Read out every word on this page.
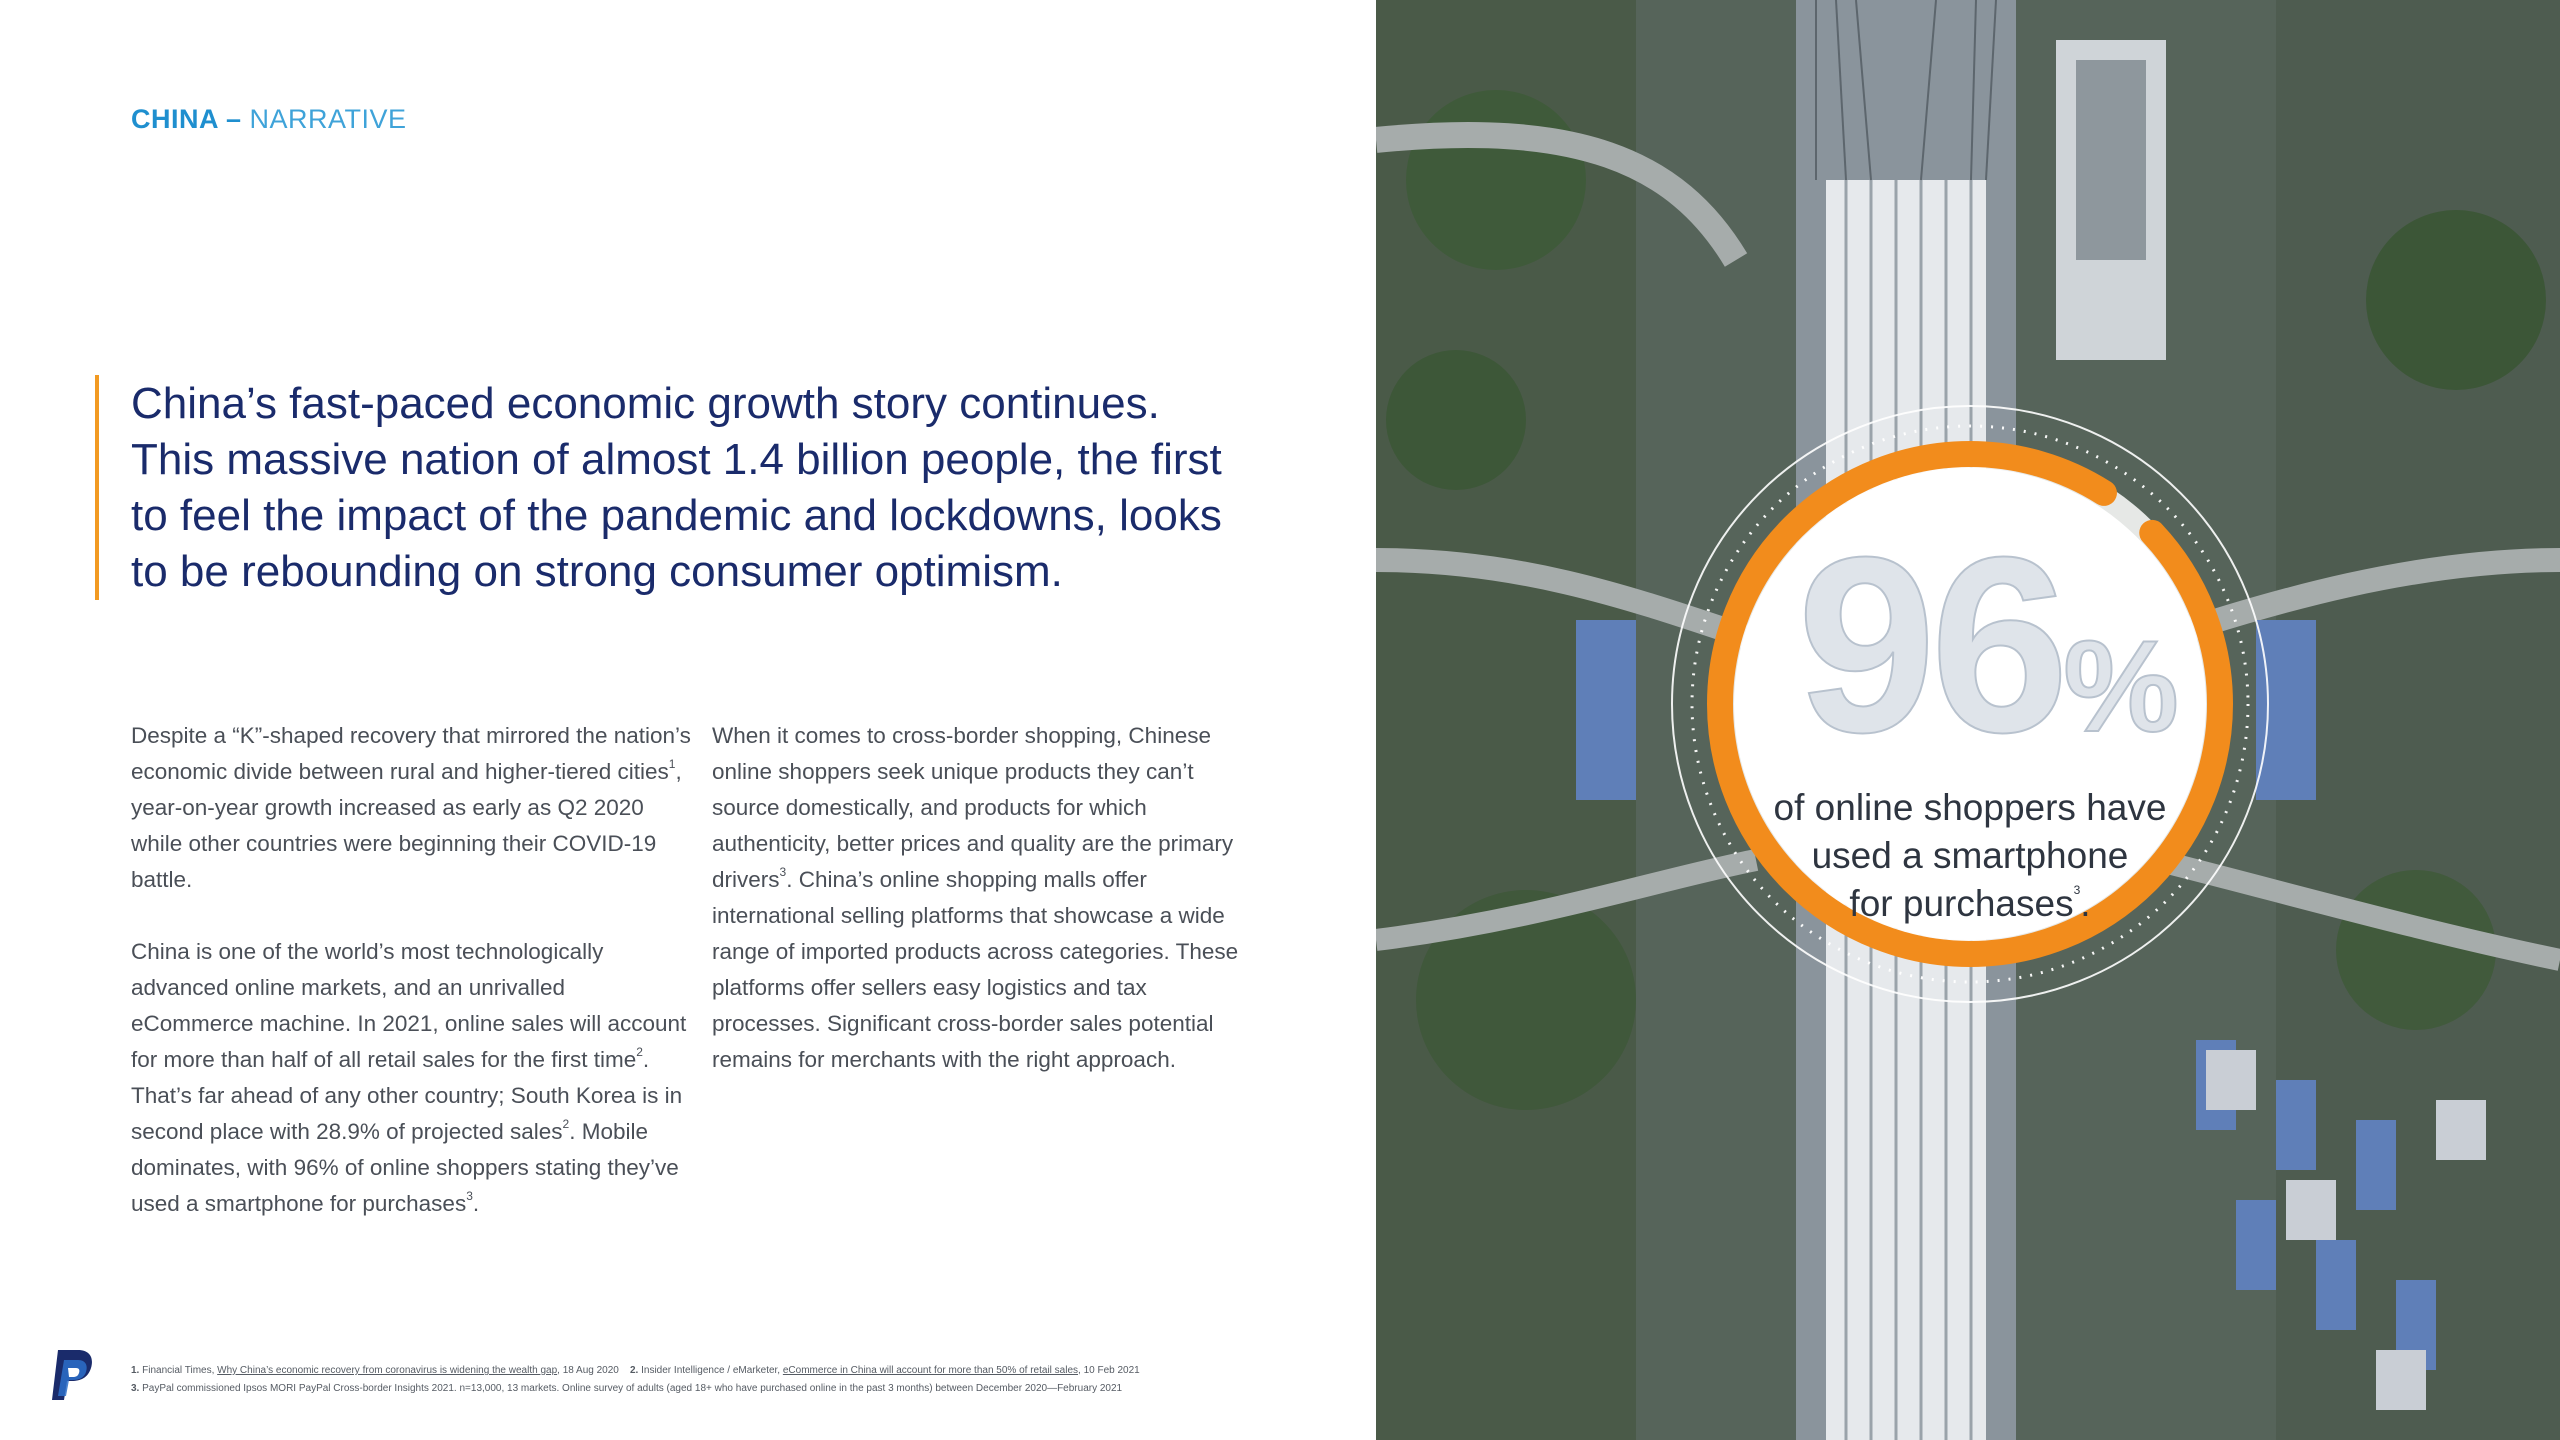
CHINA – NARRATIVE
China’s fast-paced economic growth story continues. This massive nation of almost 1.4 billion people, the first to feel the impact of the pandemic and lockdowns, looks to be rebounding on strong consumer optimism.

Despite a “K”-shaped recovery that mirrored the nation’s economic divide between rural and higher-tiered cities$^1$, year-on-year growth increased as early as Q2 2020 while other countries were beginning their COVID-19 battle.

China is one of the world’s most technologically advanced online markets, and an unrivalled eCommerce machine. In 2021, online sales will account for more than half of all retail sales for the first time$^2$. That’s far ahead of any other country; South Korea is in second place with 28.9% of projected sales$^2$. Mobile dominates, with 96% of online shoppers stating they’ve used a smartphone for purchases$^3$.

When it comes to cross-border shopping, Chinese online shoppers seek unique products they can’t source domestically, and products for which authenticity, better prices and quality are the primary drivers$^3$. China’s online shopping malls offer international selling platforms that showcase a wide range of imported products across categories. These platforms offer sellers easy logistics and tax processes. Significant cross-border sales potential remains for merchants with the right approach.

1. Financial Times, Why China’s economic recovery from coronavirus is widening the wealth gap, 18 Aug 2020 2. Insider Intelligence / eMarketer, eCommerce in China will account for more than 50% of retail sales, 10 Feb 2021
3. PayPal commissioned Ipsos MORI PayPal Cross-border Insights 2021. n=13,000, 13 markets. Online survey of adults (aged 18+ who have purchased online in the past 3 months) between December 2020—February 2021
96%
of online shoppers have
used a smartphone
for purchases$^3$.
